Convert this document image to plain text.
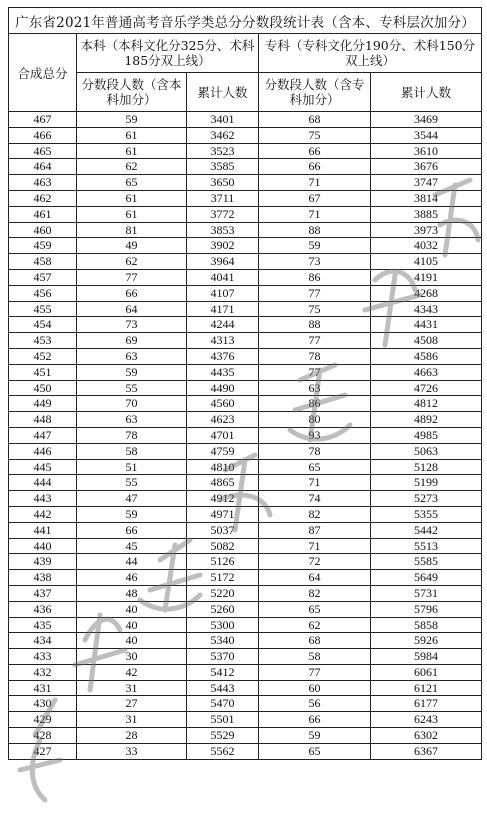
广东省2021年普通高考音乐学类总分分数段统计表（含本、专科层次加分）				
合成总分	本科（本科文化分325分、术科185分双上线）		专科（专科文化分190分、术科150分双上线）	
	分数段人数（含本科加分）	累计人数	分数段人数（含专科加分）	累计人数
467	59	3401	68	3469
466	61	3462	75	3544
465	61	3523	66	3610
464	62	3585	66	3676
463	65	3650	71	3747
462	61	3711	67	3814
461	61	3772	71	3885
460	81	3853	88	3973
459	49	3902	59	4032
458	62	3964	73	4105
457	77	4041	86	4191
456	66	4107	77	4268
455	64	4171	75	4343
454	73	4244	88	4431
453	69	4313	77	4508
452	63	4376	78	4586
451	59	4435	77	4663
450	55	4490	63	4726
449	70	4560	86	4812
448	63	4623	80	4892
447	78	4701	93	4985
446	58	4759	78	5063
445	51	4810	65	5128
444	55	4865	71	5199
443	47	4912	74	5273
442	59	4971	82	5355
441	66	5037	87	5442
440	45	5082	71	5513
439	44	5126	72	5585
438	46	5172	64	5649
437	48	5220	82	5731
436	40	5260	65	5796
435	40	5300	62	5858
434	40	5340	68	5926
433	30	5370	58	5984
432	42	5412	77	6061
431	31	5443	60	6121
430	27	5470	56	6177
429	31	5501	66	6243
428	28	5529	59	6302
427	33	5562	65	6367
